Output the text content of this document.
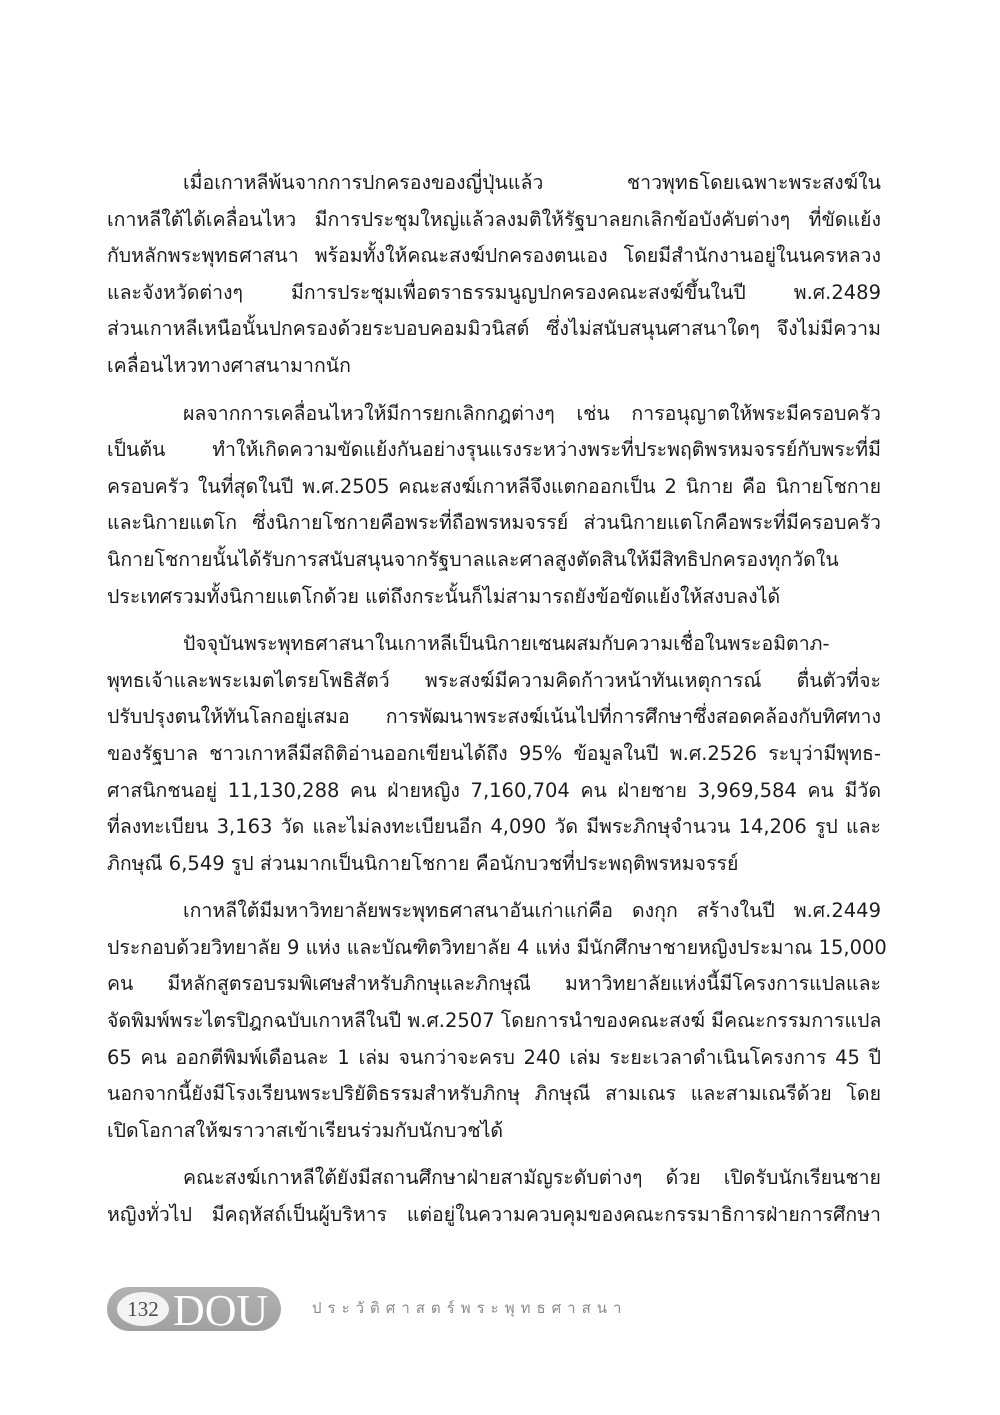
เมื่อเกาหลีพ้นจากการปกครองของญี่ปุ่นแล้ว ชาวพุทธโดยเฉพาะพระสงฆ์ใน
เกาหลีใต้ได้เคลื่อนไหว มีการประชุมใหญ่แล้วลงมติให้รัฐบาลยกเลิกข้อบังคับต่างๆ ที่ขัดแย้ง
กับหลักพระพุทธศาสนา พร้อมทั้งให้คณะสงฆ์ปกครองตนเอง โดยมีสำนักงานอยู่ในนครหลวง
และจังหวัดต่างๆ มีการประชุมเพื่อตราธรรมนูญปกครองคณะสงฆ์ขึ้นในปี พ.ศ.2489
ส่วนเกาหลีเหนือนั้นปกครองด้วยระบอบคอมมิวนิสต์ ซึ่งไม่สนับสนุนศาสนาใดๆ จึงไม่มีความ
เคลื่อนไหวทางศาสนามากนัก
ผลจากการเคลื่อนไหวให้มีการยกเลิกกฎต่างๆ เช่น การอนุญาตให้พระมีครอบครัว
เป็นต้น ทำให้เกิดความขัดแย้งกันอย่างรุนแรงระหว่างพระที่ประพฤติพรหมจรรย์กับพระที่มี
ครอบครัว ในที่สุดในปี พ.ศ.2505 คณะสงฆ์เกาหลีจึงแตกออกเป็น 2 นิกาย คือ นิกายโชกาย
และนิกายแตโก ซึ่งนิกายโชกายคือพระที่ถือพรหมจรรย์ ส่วนนิกายแตโกคือพระที่มีครอบครัว
นิกายโชกายนั้นได้รับการสนับสนุนจากรัฐบาลและศาลสูงตัดสินให้มีสิทธิปกครองทุกวัดใน
ประเทศรวมทั้งนิกายแตโกด้วย แต่ถึงกระนั้นก็ไม่สามารถยังข้อขัดแย้งให้สงบลงได้
ปัจจุบันพระพุทธศาสนาในเกาหลีเป็นนิกายเซนผสมกับความเชื่อในพระอมิตาภ-
พุทธเจ้าและพระเมตไตรยโพธิสัตว์ พระสงฆ์มีความคิดก้าวหน้าทันเหตุการณ์ ตื่นตัวที่จะ
ปรับปรุงตนให้ทันโลกอยู่เสมอ การพัฒนาพระสงฆ์เน้นไปที่การศึกษาซึ่งสอดคล้องกับทิศทาง
ของรัฐบาล ชาวเกาหลีมีสถิติอ่านออกเขียนได้ถึง 95% ข้อมูลในปี พ.ศ.2526 ระบุว่ามีพุทธ-
ศาสนิกชนอยู่ 11,130,288 คน ฝ่ายหญิง 7,160,704 คน ฝ่ายชาย 3,969,584 คน มีวัด
ที่ลงทะเบียน 3,163 วัด และไม่ลงทะเบียนอีก 4,090 วัด มีพระภิกษุจำนวน 14,206 รูป และ
ภิกษุณี 6,549 รูป ส่วนมากเป็นนิกายโชกาย คือนักบวชที่ประพฤติพรหมจรรย์
เกาหลีใต้มีมหาวิทยาลัยพระพุทธศาสนาอันเก่าแก่คือ ดงกุก สร้างในปี พ.ศ.2449
ประกอบด้วยวิทยาลัย 9 แห่ง และบัณฑิตวิทยาลัย 4 แห่ง มีนักศึกษาชายหญิงประมาณ 15,000
คน มีหลักสูตรอบรมพิเศษสำหรับภิกษุและภิกษุณี มหาวิทยาลัยแห่งนี้มีโครงการแปลและ
จัดพิมพ์พระไตรปิฎกฉบับเกาหลีในปี พ.ศ.2507 โดยการนำของคณะสงฆ์ มีคณะกรรมการแปล
65 คน ออกตีพิมพ์เดือนละ 1 เล่ม จนกว่าจะครบ 240 เล่ม ระยะเวลาดำเนินโครงการ 45 ปี
นอกจากนี้ยังมีโรงเรียนพระปริยัติธรรมสำหรับภิกษุ ภิกษุณี สามเณร และสามเณรีด้วย โดย
เปิดโอกาสให้ฆราวาสเข้าเรียนร่วมกับนักบวชได้
คณะสงฆ์เกาหลีใต้ยังมีสถานศึกษาฝ่ายสามัญระดับต่างๆ ด้วย เปิดรับนักเรียนชาย
หญิงทั่วไป มีคฤหัสถ์เป็นผู้บริหาร แต่อยู่ในความควบคุมของคณะกรรมาธิการฝ่ายการศึกษา
132 DOU	ประวัติศาสตร์พระพุทธศาสนา
